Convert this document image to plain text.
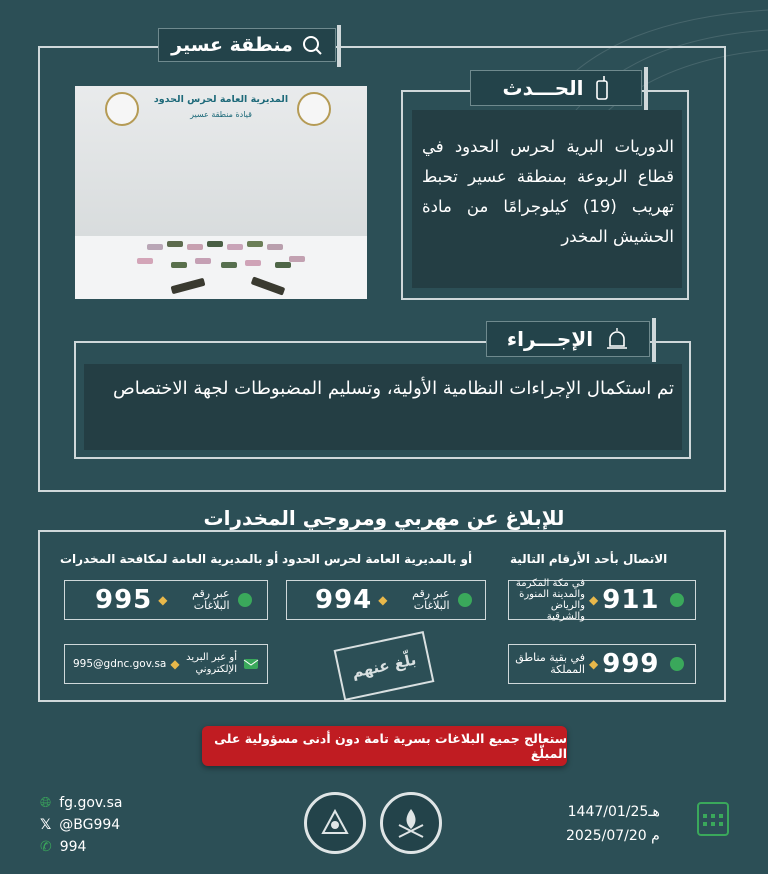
منطقة عسير
المديرية العامة لحرس الحدود
قيادة منطقة عسير
الحـــدث
الدوريات البرية لحرس الحدود في قطاع الربوعة بمنطقة عسير تحبط تهريب (19) كيلوجرامًا من مادة الحشيش المخدر
الإجـــراء
تم استكمال الإجراءات النظامية الأولية، وتسليم المضبوطات لجهة الاختصاص
للإبلاغ عن مهربي ومروجي المخدرات
الاتصال بأحد الأرقام التالية
أو بالمديرية العامة لحرس الحدود
أو بالمديرية العامة لمكافحة المخدرات
في مكة المكرمة والمدينة المنورة والرياض والشرقية
◆ 911
في بقية مناطق المملكة ◆ 999
994 ◆	عبر رقم البلاغات
995 ◆	عبر رقم البلاغات
995@gdnc.gov.sa ◆ أو عبر البريد الإلكتروني	بلّغ عنهم
ستعالج جميع البلاغات بسرية تامة دون أدنى مسؤولية على المبلّغ
🌐︎ fg.gov.sa
𝕏 @BG994
✆ 994
1447/01/25هـ
2025/07/20 م
